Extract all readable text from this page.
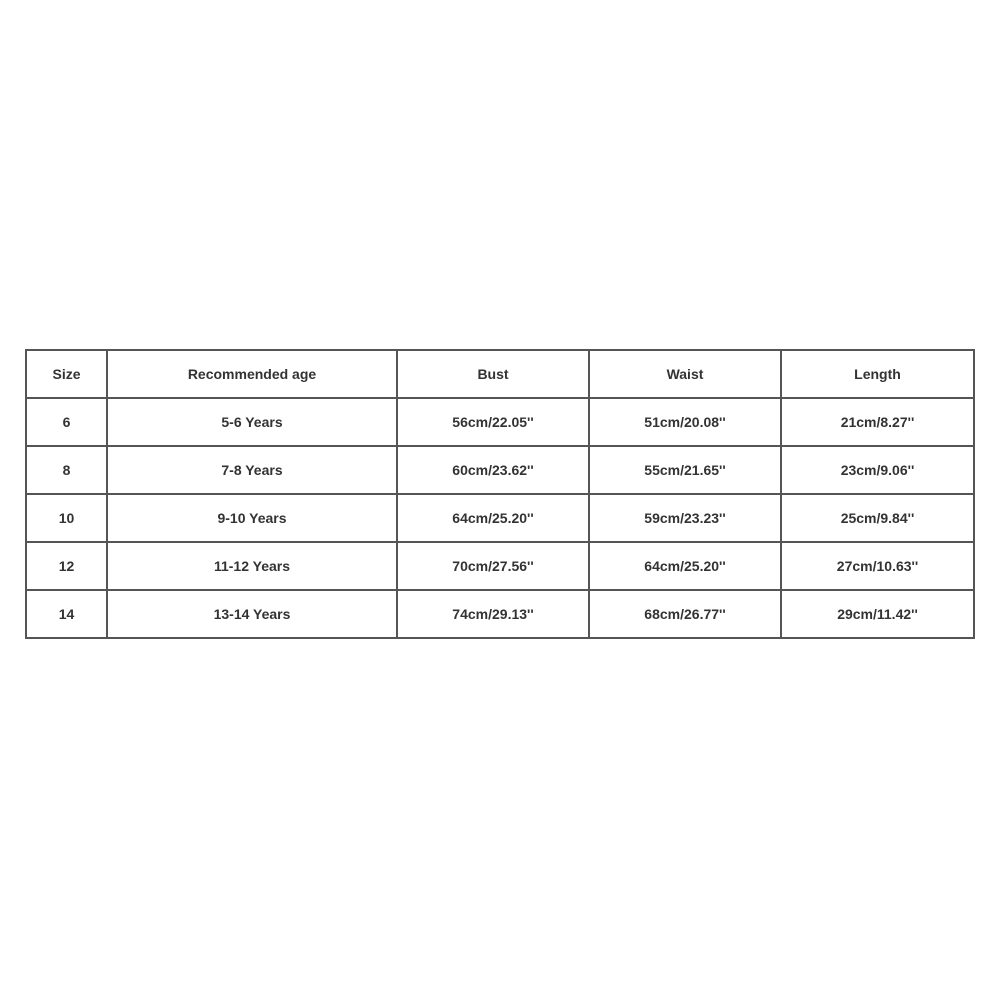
Size	Recommended age	Bust	Waist	Length
6	5-6 Years	56cm/22.05''	51cm/20.08''	21cm/8.27''
8	7-8 Years	60cm/23.62''	55cm/21.65''	23cm/9.06''
10	9-10 Years	64cm/25.20''	59cm/23.23''	25cm/9.84''
12	11-12 Years	70cm/27.56''	64cm/25.20''	27cm/10.63''
14	13-14 Years	74cm/29.13''	68cm/26.77''	29cm/11.42''
